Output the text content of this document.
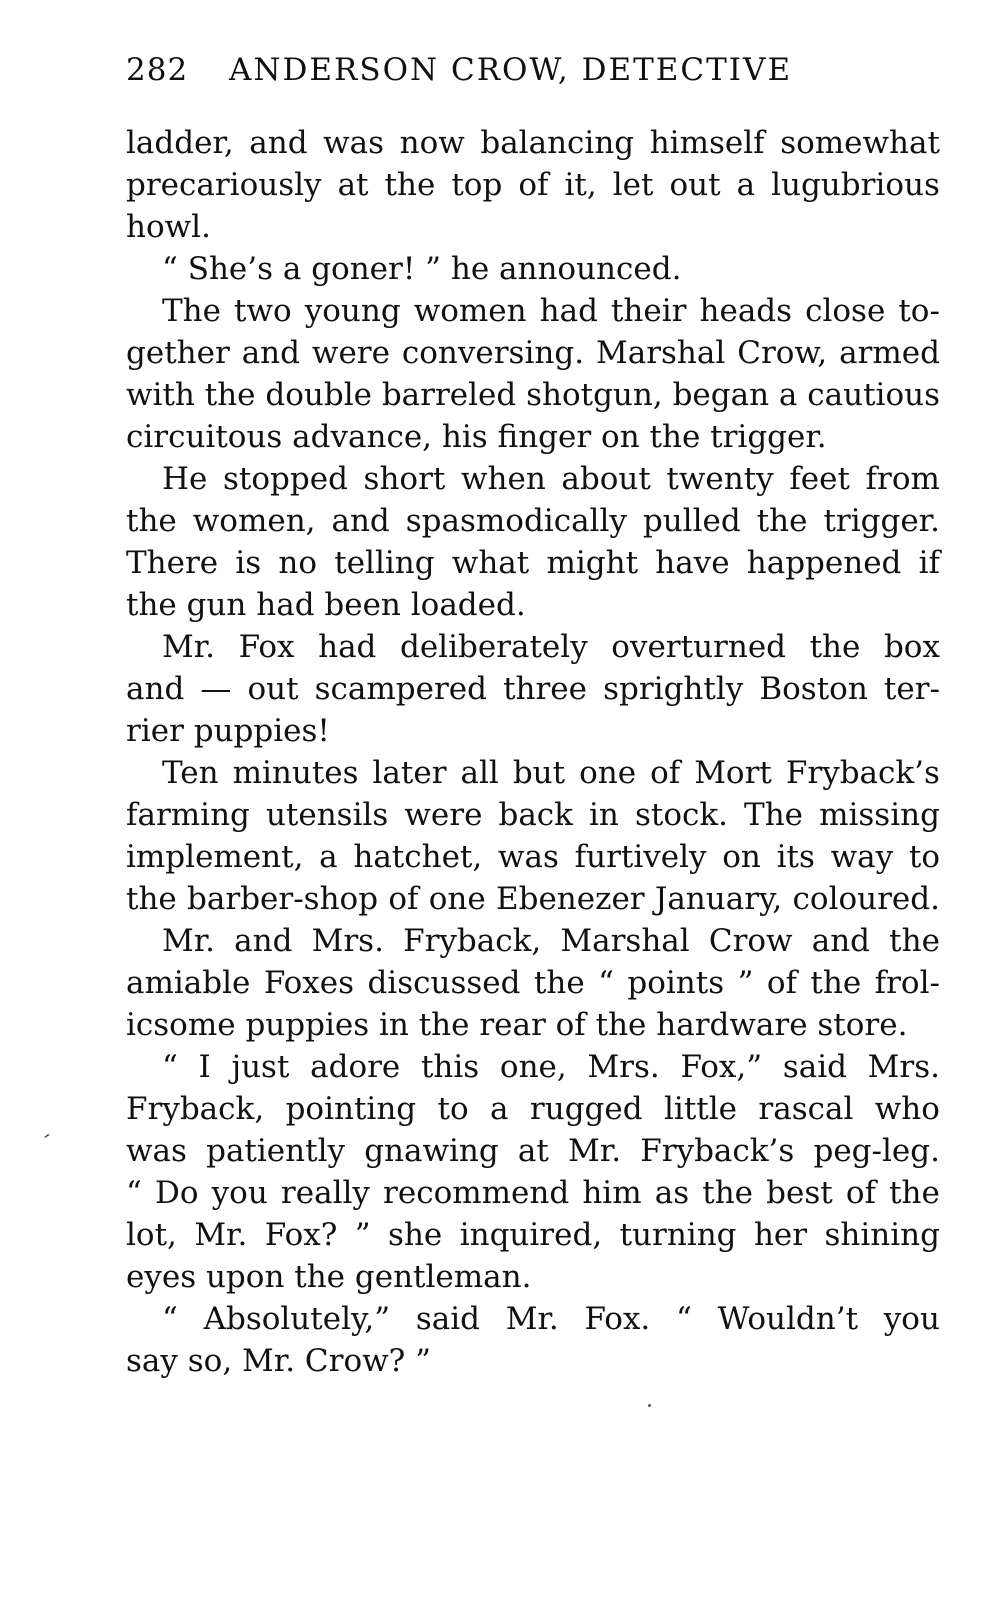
282 ANDERSON CROW, DETECTIVE
ladder, and was now balancing himself somewhat
precariously at the top of it, let out a lugubrious
howl.
“ She’s a goner! ” he announced.
The two young women had their heads close to-
gether and were conversing. Marshal Crow, armed
with the double barreled shotgun, began a cautious
circuitous advance, his finger on the trigger.
He stopped short when about twenty feet from
the women, and spasmodically pulled the trigger.
There is no telling what might have happened if
the gun had been loaded.
Mr. Fox had deliberately overturned the box
and — out scampered three sprightly Boston ter-
rier puppies!
Ten minutes later all but one of Mort Fryback’s
farming utensils were back in stock. The missing
implement, a hatchet, was furtively on its way to
the barber-shop of one Ebenezer January, coloured.
Mr. and Mrs. Fryback, Marshal Crow and the
amiable Foxes discussed the “ points ” of the frol-
icsome puppies in the rear of the hardware store.
“ I just adore this one, Mrs. Fox,” said Mrs.
Fryback, pointing to a rugged little rascal who
was patiently gnawing at Mr. Fryback’s peg-leg.
“ Do you really recommend him as the best of the
lot, Mr. Fox? ” she inquired, turning her shining
eyes upon the gentleman.
“ Absolutely,” said Mr. Fox. “ Wouldn’t you
say so, Mr. Crow? ”
ˊ
